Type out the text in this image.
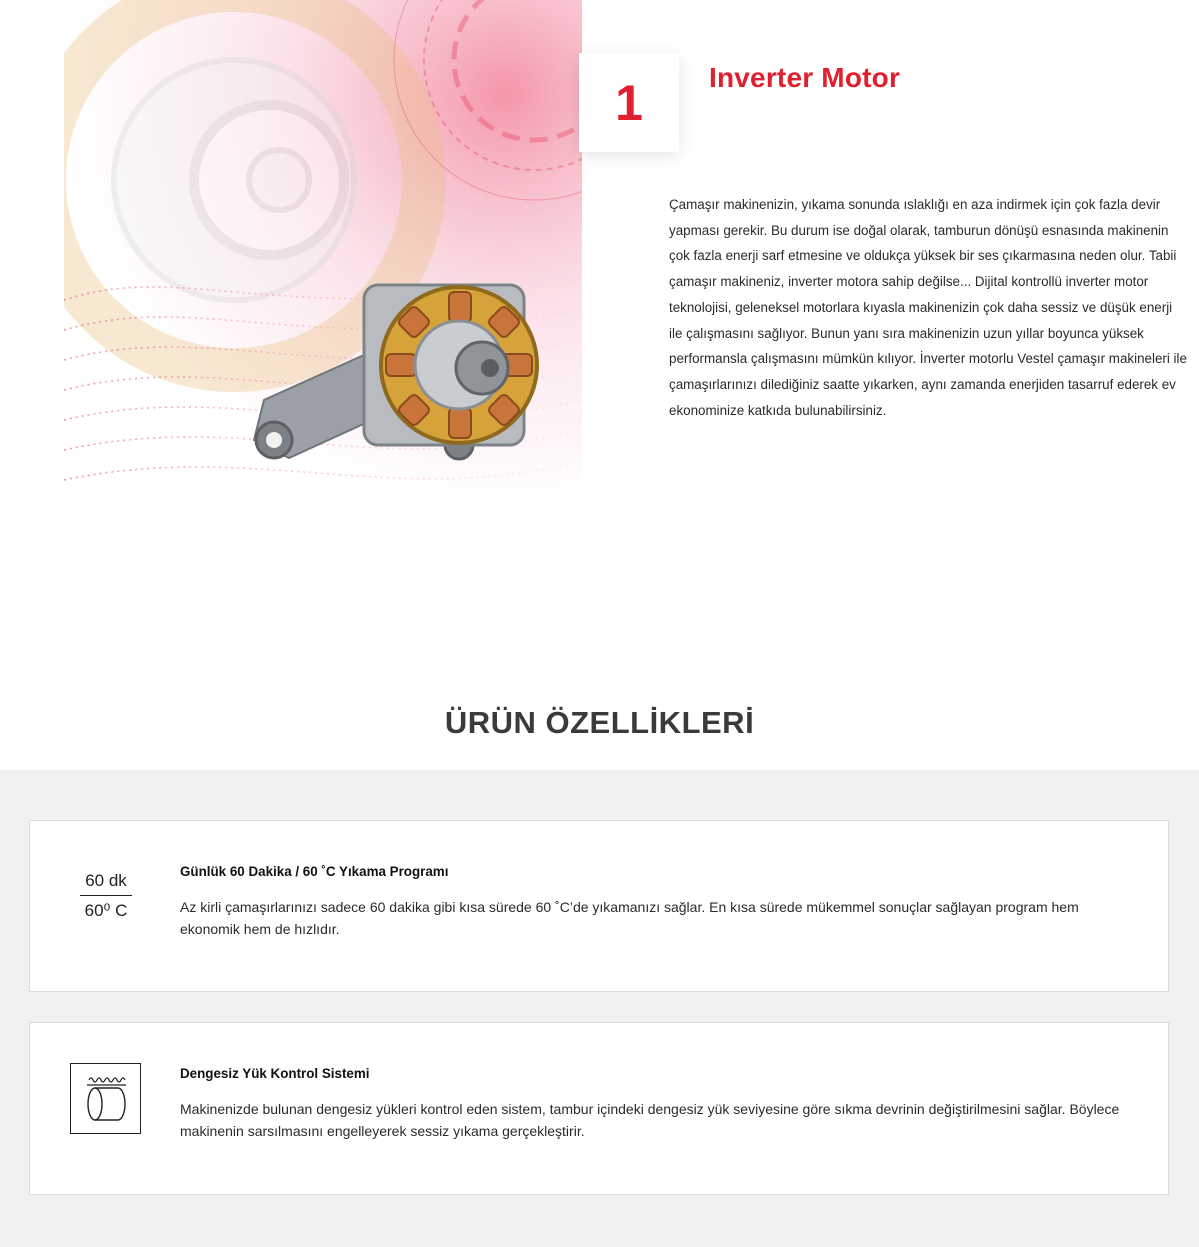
1 Inverter Motor

Çamaşır makinenizin, yıkama sonunda ıslaklığı en aza indirmek için çok fazla devir yapması gerekir. Bu durum ise doğal olarak, tamburun dönüşü esnasında makinenin çok fazla enerji sarf etmesine ve oldukça yüksek bir ses çıkarmasına neden olur. Tabii çamaşır makineniz, inverter motora sahip değilse... Dijital kontrollü inverter motor teknolojisi, geleneksel motorlara kıyasla makinenizin çok daha sessiz ve düşük enerji ile çalışmasını sağlıyor. Bunun yanı sıra makinenizin uzun yıllar boyunca yüksek performansla çalışmasını mümkün kılıyor. İnverter motorlu Vestel çamaşır makineleri ile çamaşırlarınızı dilediğiniz saatte yıkarken, aynı zamanda enerjiden tasarruf ederek ev ekonominize katkıda bulunabilirsiniz.

ÜRÜN ÖZELLİKLERİ
60 dk
60⁰ C
Günlük 60 Dakika / 60 ˚C Yıkama Programı

Az kirli çamaşırlarınızı sadece 60 dakika gibi kısa sürede 60 ˚C’de yıkamanızı sağlar. En kısa sürede mükemmel sonuçlar sağlayan program hem ekonomik hem de hızlıdır.

Dengesiz Yük Kontrol Sistemi

Makinenizde bulunan dengesiz yükleri kontrol eden sistem, tambur içindeki dengesiz yük seviyesine göre sıkma devrinin değiştirilmesini sağlar. Böylece makinenin sarsılmasını engelleyerek sessiz yıkama gerçekleştirir.
